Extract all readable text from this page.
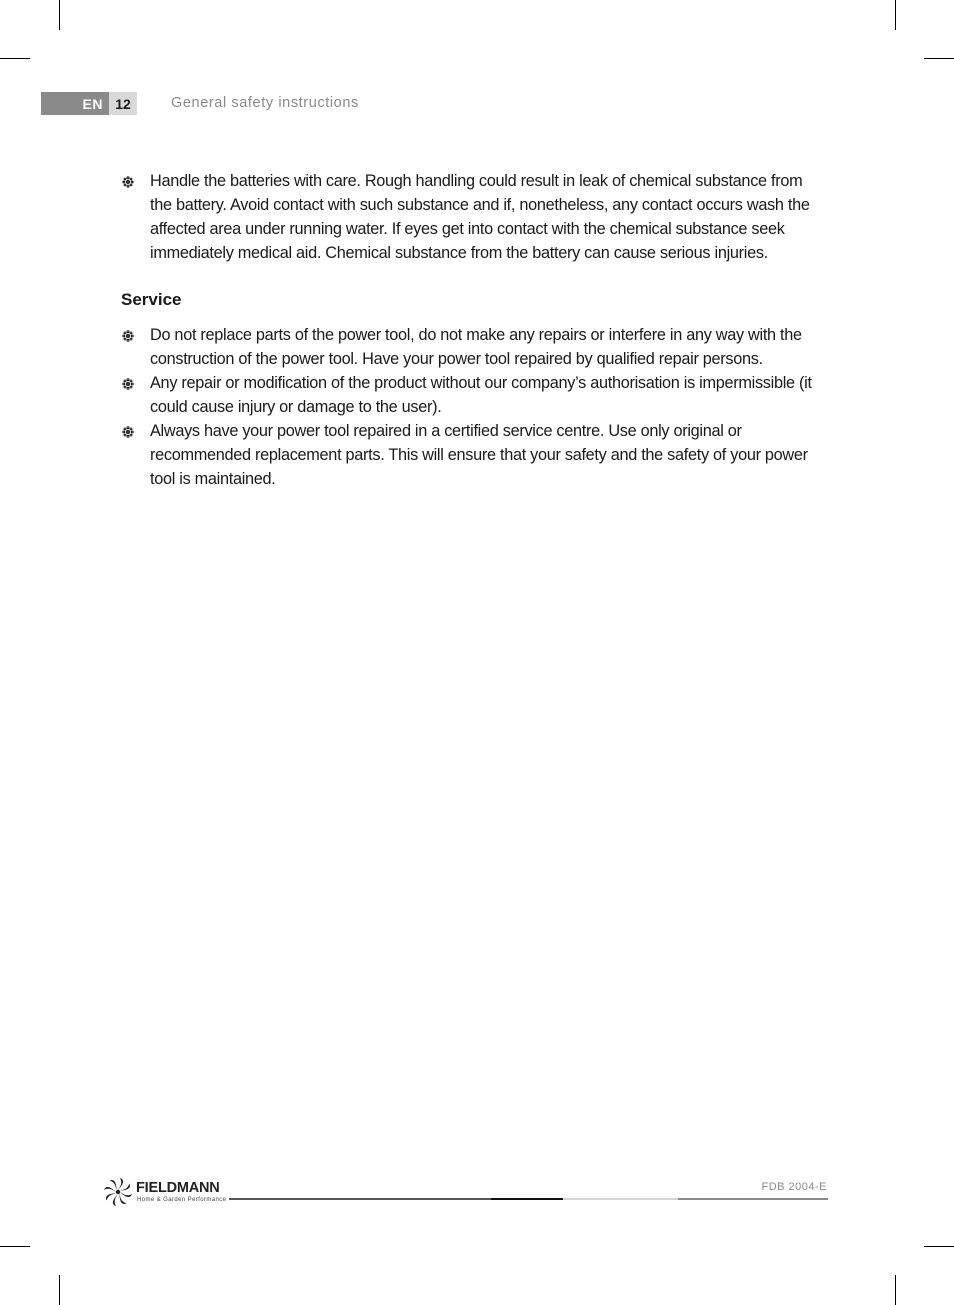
EN 12	General safety instructions
Handle the batteries with care. Rough handling could result in leak of chemical substance from the battery. Avoid contact with such substance and if, nonetheless, any contact occurs wash the affected area under running water. If eyes get into contact with the chemical substance seek immediately medical aid. Chemical substance from the battery can cause serious injuries.
Service
Do not replace parts of the power tool, do not make any repairs or interfere in any way with the construction of the power tool. Have your power tool repaired by qualified repair persons.
Any repair or modification of the product without our company’s authorisation is impermissible (it could cause injury or damage to the user).
Always have your power tool repaired in a certified service centre. Use only original or recommended replacement parts. This will ensure that your safety and the safety of your power tool is maintained.
FIELDMANN
Home & Garden Performance
FDB 2004-E
